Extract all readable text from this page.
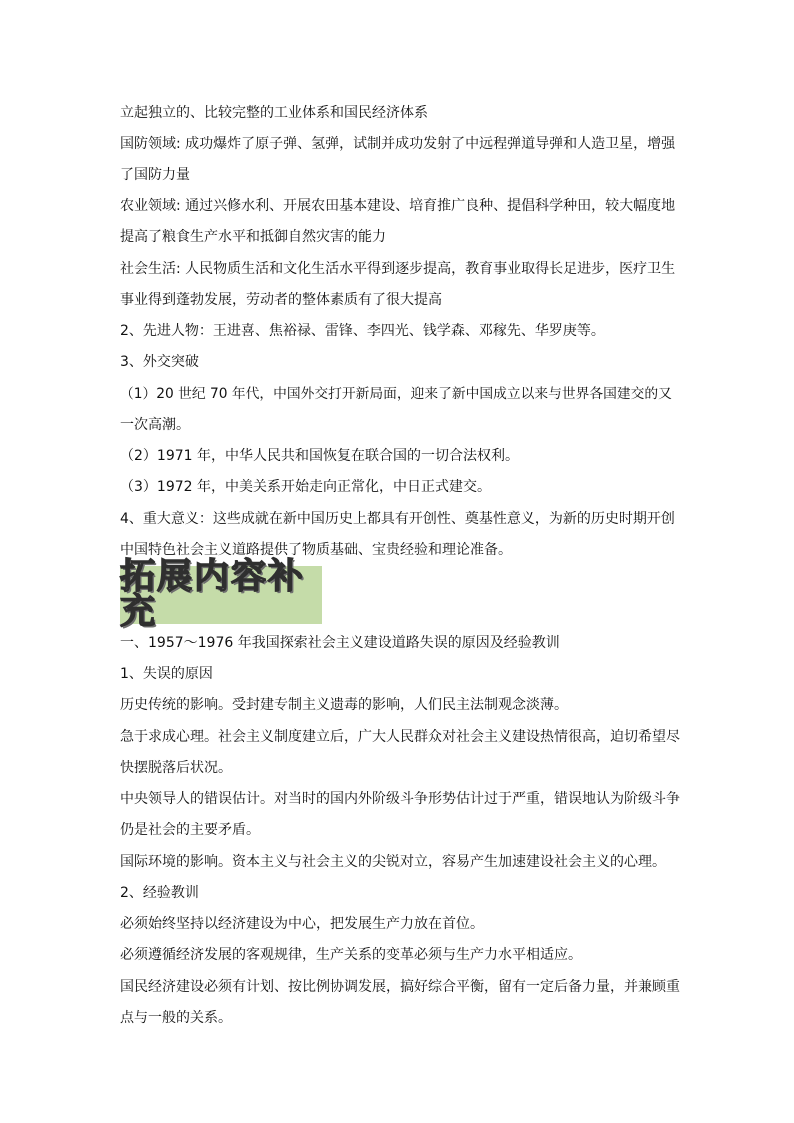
立起独立的、比较完整的工业体系和国民经济体系
国防领域: 成功爆炸了原子弹、氢弹，试制并成功发射了中远程弹道导弹和人造卫星，增强
了国防力量
农业领域: 通过兴修水利、开展农田基本建设、培育推广良种、提倡科学种田，较大幅度地
提高了粮食生产水平和抵御自然灾害的能力
社会生活: 人民物质生活和文化生活水平得到逐步提高，教育事业取得长足进步，医疗卫生
事业得到蓬勃发展，劳动者的整体素质有了很大提高
2、先进人物：王进喜、焦裕禄、雷锋、李四光、钱学森、邓稼先、华罗庚等。
3、外交突破
（1）20 世纪 70 年代，中国外交打开新局面，迎来了新中国成立以来与世界各国建交的又
一次高潮。
（2）1971 年，中华人民共和国恢复在联合国的一切合法权利。
（3）1972 年，中美关系开始走向正常化，中日正式建交。
4、重大意义：这些成就在新中国历史上都具有开创性、奠基性意义，为新的历史时期开创
中国特色社会主义道路提供了物质基础、宝贵经验和理论准备。
拓展内容补充
一、1957～1976 年我国探索社会主义建设道路失误的原因及经验教训
1、失误的原因
历史传统的影响。受封建专制主义遗毒的影响，人们民主法制观念淡薄。
急于求成心理。社会主义制度建立后，广大人民群众对社会主义建设热情很高，迫切希望尽
快摆脱落后状况。
中央领导人的错误估计。对当时的国内外阶级斗争形势估计过于严重，错误地认为阶级斗争
仍是社会的主要矛盾。
国际环境的影响。资本主义与社会主义的尖锐对立，容易产生加速建设社会主义的心理。
2、经验教训
必须始终坚持以经济建设为中心，把发展生产力放在首位。
必须遵循经济发展的客观规律，生产关系的变革必须与生产力水平相适应。
国民经济建设必须有计划、按比例协调发展，搞好综合平衡，留有一定后备力量，并兼顾重
点与一般的关系。
